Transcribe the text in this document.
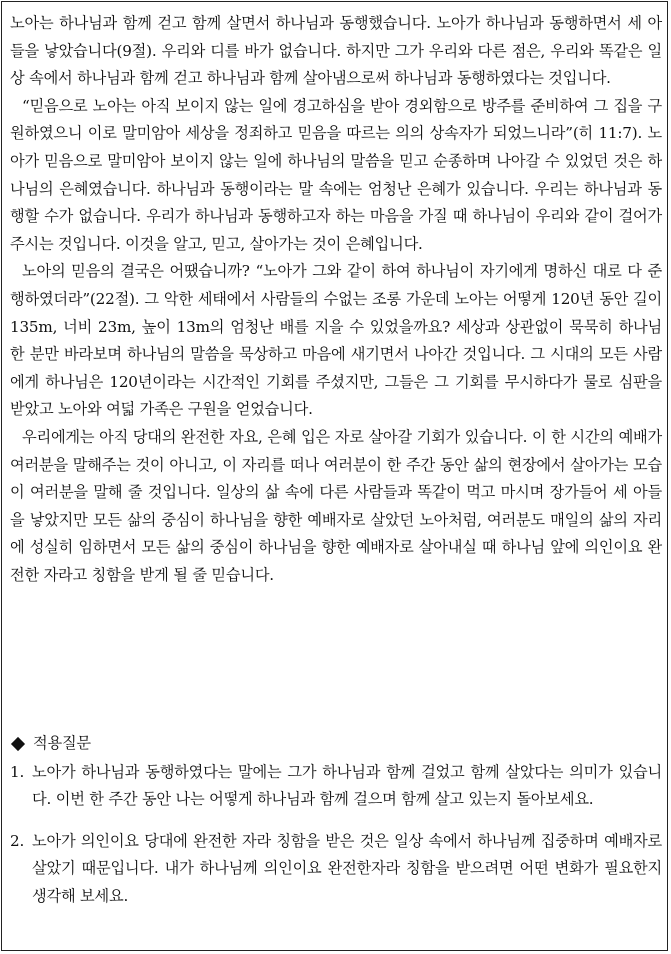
노아는 하나님과 함께 걷고 함께 살면서 하나님과 동행했습니다. 노아가 하나님과 동행하면서 세 아들을 낳았습니다(9절). 우리와 디를 바가 없습니다. 하지만 그가 우리와 다른 점은, 우리와 똑같은 일상 속에서 하나님과 함께 걷고 하나님과 함께 살아냄으로써 하나님과 동행하였다는 것입니다.

“믿음으로 노아는 아직 보이지 않는 일에 경고하심을 받아 경외함으로 방주를 준비하여 그 집을 구원하였으니 이로 말미암아 세상을 정죄하고 믿음을 따르는 의의 상속자가 되었느니라”(히 11:7). 노아가 믿음으로 말미암아 보이지 않는 일에 하나님의 말씀을 믿고 순종하며 나아갈 수 있었던 것은 하나님의 은혜였습니다. 하나님과 동행이라는 말 속에는 엄청난 은혜가 있습니다. 우리는 하나님과 동행할 수가 없습니다. 우리가 하나님과 동행하고자 하는 마음을 가질 때 하나님이 우리와 같이 걸어가 주시는 것입니다. 이것을 알고, 믿고, 살아가는 것이 은혜입니다.

노아의 믿음의 결국은 어땠습니까? “노아가 그와 같이 하여 하나님이 자기에게 명하신 대로 다 준행하였더라”(22절). 그 악한 세태에서 사람들의 수없는 조롱 가운데 노아는 어떻게 120년 동안 길이 135m, 너비 23m, 높이 13m의 엄청난 배를 지을 수 있었을까요? 세상과 상관없이 묵묵히 하나님 한 분만 바라보며 하나님의 말씀을 묵상하고 마음에 새기면서 나아간 것입니다. 그 시대의 모든 사람에게 하나님은 120년이라는 시간적인 기회를 주셨지만, 그들은 그 기회를 무시하다가 물로 심판을 받았고 노아와 여덟 가족은 구원을 얻었습니다.

우리에게는 아직 당대의 완전한 자요, 은혜 입은 자로 살아갈 기회가 있습니다. 이 한 시간의 예배가 여러분을 말해주는 것이 아니고, 이 자리를 떠나 여러분이 한 주간 동안 삶의 현장에서 살아가는 모습이 여러분을 말해 줄 것입니다. 일상의 삶 속에 다른 사람들과 똑같이 먹고 마시며 장가들어 세 아들을 낳았지만 모든 삶의 중심이 하나님을 향한 예배자로 살았던 노아처럼, 여러분도 매일의 삶의 자리에 성실히 임하면서 모든 삶의 중심이 하나님을 향한 예배자로 살아내실 때 하나님 앞에 의인이요 완전한 자라고 칭함을 받게 될 줄 믿습니다.

적용질문
1. 노아가 하나님과 동행하였다는 말에는 그가 하나님과 함께 걸었고 함께 살았다는 의미가 있습니다. 이번 한 주간 동안 나는 어떻게 하나님과 함께 걸으며 함께 살고 있는지 돌아보세요.
2. 노아가 의인이요 당대에 완전한 자라 칭함을 받은 것은 일상 속에서 하나님께 집중하며 예배자로 살았기 때문입니다. 내가 하나님께 의인이요 완전한자라 칭함을 받으려면 어떤 변화가 필요한지 생각해 보세요.
